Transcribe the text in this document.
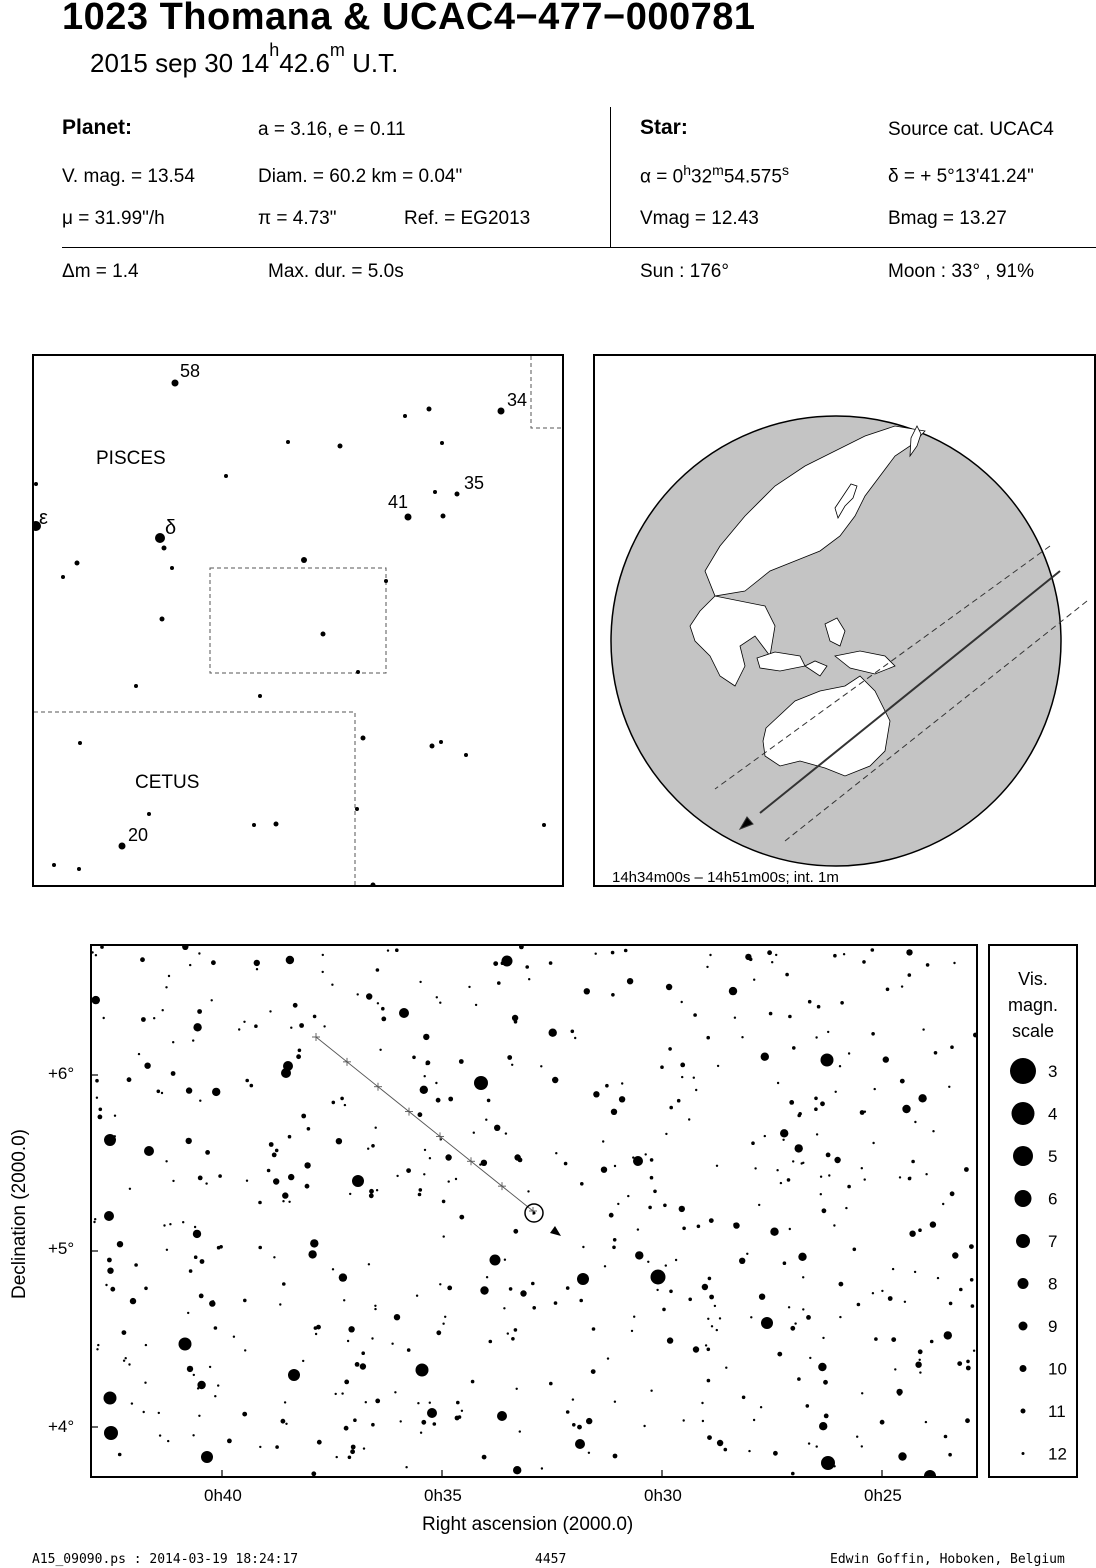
1023 Thomana & UCAC4−477−000781
2015 sep 30 14$^h$42.6$^m$ U.T.
Planet:	a = 3.16, e = 0.11
V. mag. = 13.54	Diam. = 60.2 km = 0.04"
μ = 31.99"/h	π = 4.73"	Ref. = EG2013
Star:	Source cat. UCAC4
$\alpha = 0^h32^m54.575^s$	δ = + 5°13'41.24"
Vmag = 12.43	Bmag = 13.27
Δm = 1.4	Max. dur. = 5.0s	Sun : 176°	Moon : 33° , 91%
PISCES
CETUS
58
34
41
35
ε	δ
20
14h34m00s – 14h51m00s; int. 1m
+6°
+5°
+4°
0h40	0h35	0h30	0h25
Right ascension (2000.0)
Declination (2000.0)
Vis.
magn.
scale
3
4
5
6
7
8
9
10
11
12
A15_09090.ps : 2014-03-19 18:24:17	4457	Edwin Goffin, Hoboken, Belgium
